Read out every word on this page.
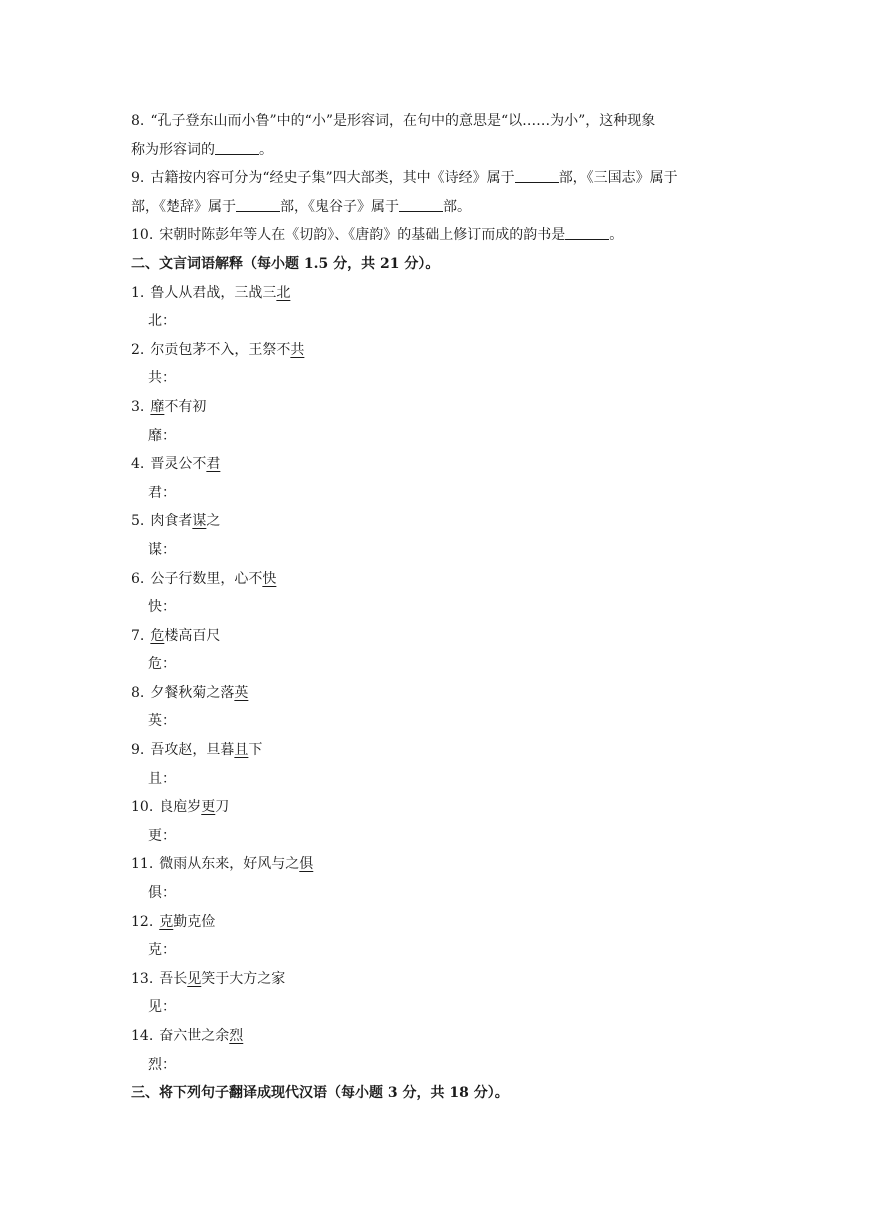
8. “孔子登东山而小鲁”中的“小”是形容词，在句中的意思是“以……为小”，这种现象
称为形容词的	。
9. 古籍按内容可分为“经史子集”四大部类，其中《诗经》属于	部，《三国志》属于
部，《楚辞》属于	部，《鬼谷子》属于	部。
10. 宋朝时陈彭年等人在《切韵》、《唐韵》的基础上修订而成的韵书是	。
二、文言词语解释（每小题 1.5 分，共 21 分）。
1. 鲁人从君战，三战三北
北：
2. 尔贡包茅不入，王祭不共
共：
3. 靡不有初
靡：
4. 晋灵公不君
君：
5. 肉食者谋之
谋：
6. 公子行数里，心不快
快：
7. 危楼高百尺
危：
8. 夕餐秋菊之落英
英：
9. 吾攻赵，旦暮且下
且：
10. 良庖岁更刀
更：
11. 微雨从东来，好风与之俱
俱：
12. 克勤克俭
克：
13. 吾长见笑于大方之家
见：
14. 奋六世之余烈
烈：
三、将下列句子翻译成现代汉语（每小题 3 分，共 18 分）。
